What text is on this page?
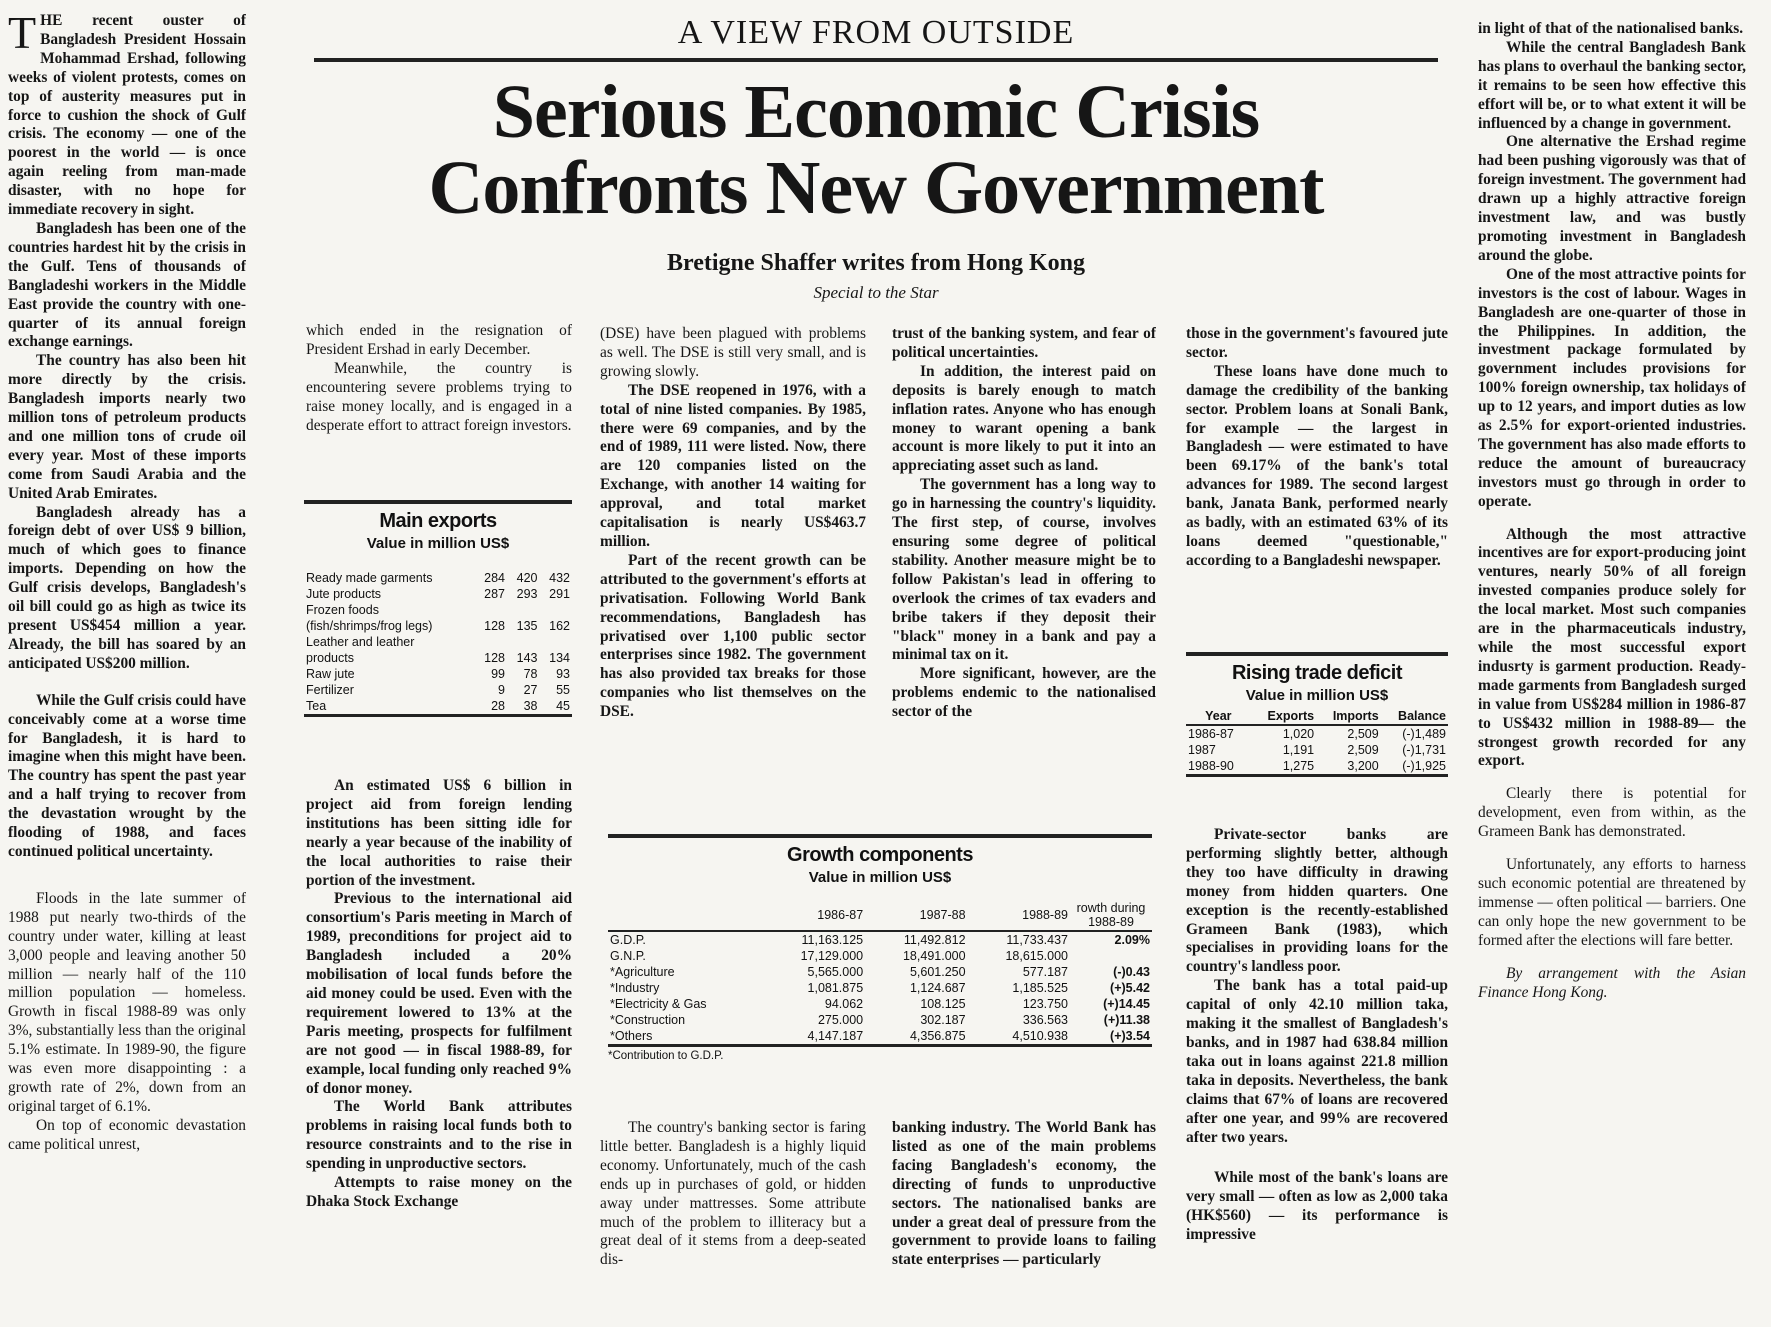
THE recent ouster of Bangladesh President Hossain Mohammad Ershad, following weeks of violent protests, comes on top of austerity measures put in force to cushion the shock of Gulf crisis. The economy — one of the poorest in the world — is once again reeling from man-made disaster, with no hope for immediate recovery in sight.

Bangladesh has been one of the countries hardest hit by the crisis in the Gulf. Tens of thousands of Bangladeshi workers in the Middle East provide the country with one-quarter of its annual foreign exchange earnings.

The country has also been hit more directly by the crisis. Bangladesh imports nearly two million tons of petroleum products and one million tons of crude oil every year. Most of these imports come from Saudi Arabia and the United Arab Emirates.

Bangladesh already has a foreign debt of over US$ 9 billion, much of which goes to finance imports. Depending on how the Gulf crisis develops, Bangladesh's oil bill could go as high as twice its present US$454 million a year. Already, the bill has soared by an anticipated US$200 million.

While the Gulf crisis could have conceivably come at a worse time for Bangladesh, it is hard to imagine when this might have been. The country has spent the past year and a half trying to recover from the devastation wrought by the flooding of 1988, and faces continued political uncertainty.

Floods in the late summer of 1988 put nearly two-thirds of the country under water, killing at least 3,000 people and leaving another 50 million — nearly half of the 110 million population — homeless. Growth in fiscal 1988-89 was only 3%, substantially less than the original 5.1% estimate. In 1989-90, the figure was even more disappointing : a growth rate of 2%, down from an original target of 6.1%.

On top of economic devastation came political unrest,

A VIEW FROM OUTSIDE
Serious Economic Crisis
Confronts New Government
Bretigne Shaffer writes from Hong Kong
Special to the Star

which ended in the resignation of President Ershad in early December.

Meanwhile, the country is encountering severe problems trying to raise money locally, and is engaged in a desperate effort to attract foreign investors.

Main exports
Value in million US$
Ready made garments	284	420	432
Jute products	287	293	291
Frozen foods			
(fish/shrimps/frog legs)	128	135	162
Leather and leather			
products	128	143	134
Raw jute	99	78	93
Fertilizer	9	27	55
Tea	28	38	45

An estimated US$ 6 billion in project aid from foreign lending institutions has been sitting idle for nearly a year because of the inability of the local authorities to raise their portion of the investment.

Previous to the international aid consortium's Paris meeting in March of 1989, preconditions for project aid to Bangladesh included a 20% mobilisation of local funds before the aid money could be used. Even with the requirement lowered to 13% at the Paris meeting, prospects for fulfilment are not good — in fiscal 1988-89, for example, local funding only reached 9% of donor money.

The World Bank attributes problems in raising local funds both to resource constraints and to the rise in spending in unproductive sectors.

Attempts to raise money on the Dhaka Stock Exchange

(DSE) have been plagued with problems as well. The DSE is still very small, and is growing slowly.

The DSE reopened in 1976, with a total of nine listed companies. By 1985, there were 69 companies, and by the end of 1989, 111 were listed. Now, there are 120 companies listed on the Exchange, with another 14 waiting for approval, and total market capitalisation is nearly US$463.7 million.

Part of the recent growth can be attributed to the government's efforts at privatisation. Following World Bank recommendations, Bangladesh has privatised over 1,100 public sector enterprises since 1982. The government has also provided tax breaks for those companies who list themselves on the DSE.

trust of the banking system, and fear of political uncertainties.

In addition, the interest paid on deposits is barely enough to match inflation rates. Anyone who has enough money to warant opening a bank account is more likely to put it into an appreciating asset such as land.

The government has a long way to go in harnessing the country's liquidity. The first step, of course, involves ensuring some degree of political stability. Another measure might be to follow Pakistan's lead in offering to overlook the crimes of tax evaders and bribe takers if they deposit their "black" money in a bank and pay a minimal tax on it.

More significant, however, are the problems endemic to the nationalised sector of the

Growth components
Value in million US$
	1986-87	1987-88	1988-89	rowth during 1988-89
G.D.P.	11,163.125	11,492.812	11,733.437	2.09%
G.N.P.	17,129.000	18,491.000	18,615.000	
*Agriculture	5,565.000	5,601.250	577.187	(-)0.43
*Industry	1,081.875	1,124.687	1,185.525	(+)5.42
*Electricity & Gas	94.062	108.125	123.750	(+)14.45
*Construction	275.000	302.187	336.563	(+)11.38
*Others	4,147.187	4,356.875	4,510.938	(+)3.54
*Contribution to G.D.P.

The country's banking sector is faring little better. Bangladesh is a highly liquid economy. Unfortunately, much of the cash ends up in purchases of gold, or hidden away under mattresses. Some attribute much of the problem to illiteracy but a great deal of it stems from a deep-seated dis-

banking industry. The World Bank has listed as one of the main problems facing Bangladesh's economy, the directing of funds to unproductive sectors. The nationalised banks are under a great deal of pressure from the government to provide loans to failing state enterprises — particularly

those in the government's favoured jute sector.

These loans have done much to damage the credibility of the banking sector. Problem loans at Sonali Bank, for example — the largest in Bangladesh — were estimated to have been 69.17% of the bank's total advances for 1989. The second largest bank, Janata Bank, performed nearly as badly, with an estimated 63% of its loans deemed "questionable," according to a Bangladeshi newspaper.

Rising trade deficit
Value in million US$
Year	Exports	Imports	Balance
1986-87	1,020	2,509	(-)1,489
1987	1,191	2,509	(-)1,731
1988-90	1,275	3,200	(-)1,925

Private-sector banks are performing slightly better, although they too have difficulty in drawing money from hidden quarters. One exception is the recently-established Grameen Bank (1983), which specialises in providing loans for the country's landless poor.

The bank has a total paid-up capital of only 42.10 million taka, making it the smallest of Bangladesh's banks, and in 1987 had 638.84 million taka out in loans against 221.8 million taka in deposits. Nevertheless, the bank claims that 67% of loans are recovered after one year, and 99% are recovered after two years.

While most of the bank's loans are very small — often as low as 2,000 taka (HK$560) — its performance is impressive

in light of that of the nationalised banks.

While the central Bangladesh Bank has plans to overhaul the banking sector, it remains to be seen how effective this effort will be, or to what extent it will be influenced by a change in government.

One alternative the Ershad regime had been pushing vigorously was that of foreign investment. The government had drawn up a highly attractive foreign investment law, and was bustly promoting investment in Bangladesh around the globe.

One of the most attractive points for investors is the cost of labour. Wages in Bangladesh are one-quarter of those in the Philippines. In addition, the investment package formulated by government includes provisions for 100% foreign ownership, tax holidays of up to 12 years, and import duties as low as 2.5% for export-oriented industries. The government has also made efforts to reduce the amount of bureaucracy investors must go through in order to operate.

Although the most attractive incentives are for export-producing joint ventures, nearly 50% of all foreign invested companies produce solely for the local market. Most such companies are in the pharmaceuticals industry, while the most successful export indusrty is garment production. Ready-made garments from Bangladesh surged in value from US$284 million in 1986-87 to US$432 million in 1988-89— the strongest growth recorded for any export.

Clearly there is potential for development, even from within, as the Grameen Bank has demonstrated.

Unfortunately, any efforts to harness such economic potential are threatened by immense — often political — barriers. One can only hope the new government to be formed after the elections will fare better.

By arrangement with the Asian Finance Hong Kong.
